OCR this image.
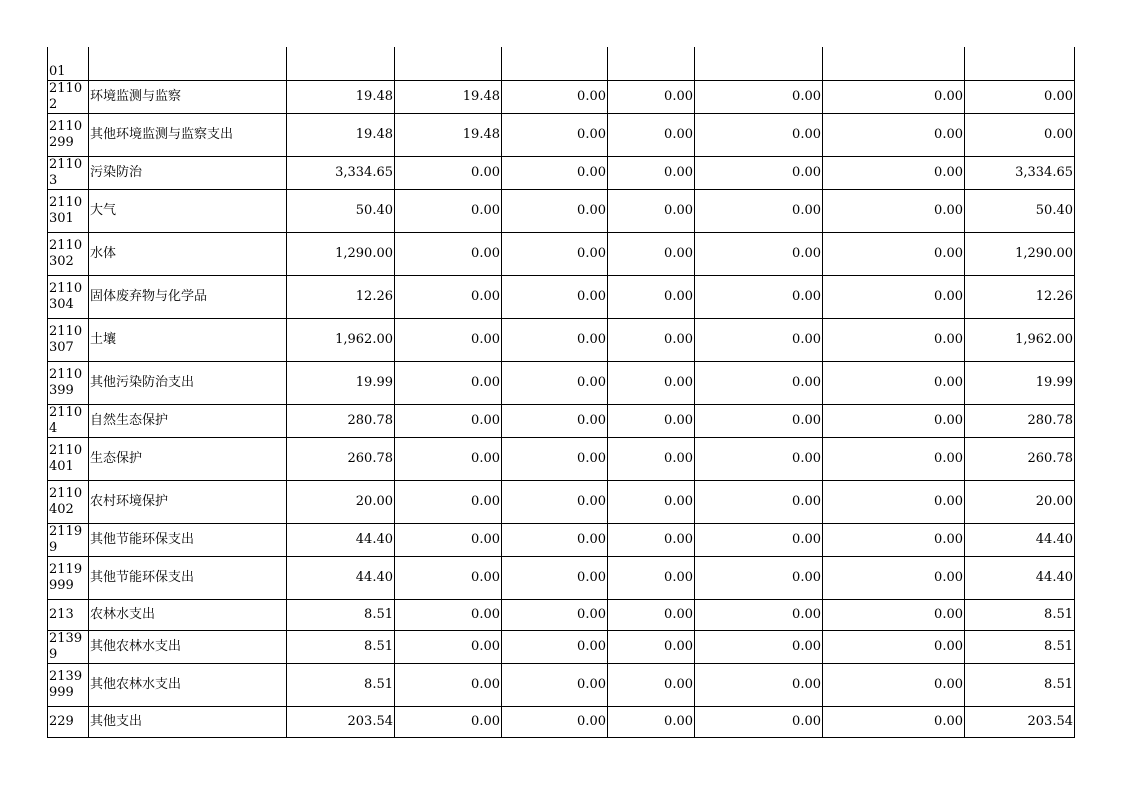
01								
21102	环境监测与监察	19.48	19.48	0.00	0.00	0.00	0.00	0.00
2110299	其他环境监测与监察支出	19.48	19.48	0.00	0.00	0.00	0.00	0.00
21103	污染防治	3,334.65	0.00	0.00	0.00	0.00	0.00	3,334.65
2110301	大气	50.40	0.00	0.00	0.00	0.00	0.00	50.40
2110302	水体	1,290.00	0.00	0.00	0.00	0.00	0.00	1,290.00
2110304	固体废弃物与化学品	12.26	0.00	0.00	0.00	0.00	0.00	12.26
2110307	土壤	1,962.00	0.00	0.00	0.00	0.00	0.00	1,962.00
2110399	其他污染防治支出	19.99	0.00	0.00	0.00	0.00	0.00	19.99
21104	自然生态保护	280.78	0.00	0.00	0.00	0.00	0.00	280.78
2110401	生态保护	260.78	0.00	0.00	0.00	0.00	0.00	260.78
2110402	农村环境保护	20.00	0.00	0.00	0.00	0.00	0.00	20.00
21199	其他节能环保支出	44.40	0.00	0.00	0.00	0.00	0.00	44.40
2119999	其他节能环保支出	44.40	0.00	0.00	0.00	0.00	0.00	44.40
213	农林水支出	8.51	0.00	0.00	0.00	0.00	0.00	8.51
21399	其他农林水支出	8.51	0.00	0.00	0.00	0.00	0.00	8.51
2139999	其他农林水支出	8.51	0.00	0.00	0.00	0.00	0.00	8.51
229	其他支出	203.54	0.00	0.00	0.00	0.00	0.00	203.54
